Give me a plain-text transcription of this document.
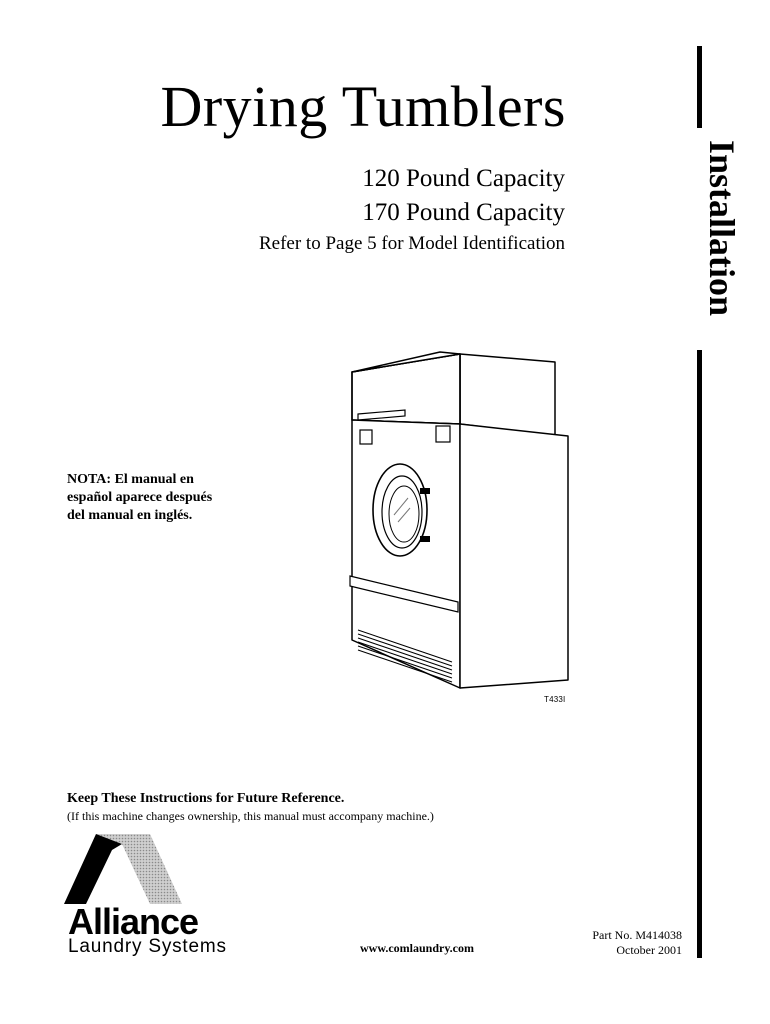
Drying Tumblers
120 Pound Capacity
170 Pound Capacity
Refer to Page 5 for Model Identification	Installation
NOTA: El manual en
español aparece después
del manual en inglés.
T433I
Keep These Instructions for Future Reference.
(If this machine changes ownership, this manual must accompany machine.)
Alliance
Laundry Systems	www.comlaundry.com
Part No. M414038
October 2001
